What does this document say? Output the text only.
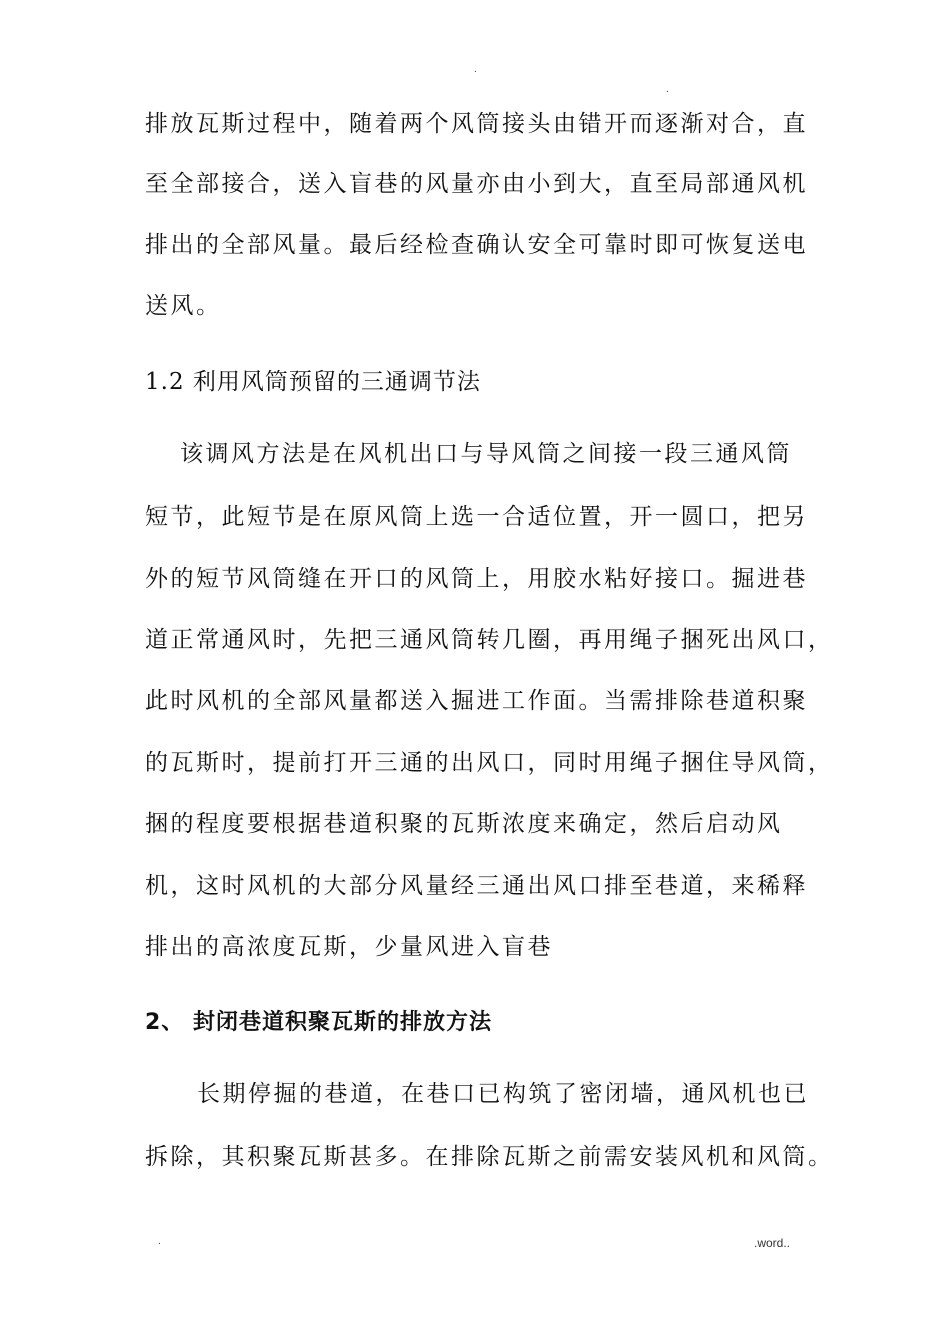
.
.
排放瓦斯过程中，随着两个风筒接头由错开而逐渐对合，直
至全部接合，送入盲巷的风量亦由小到大，直至局部通风机
排出的全部风量。最后经检查确认安全可靠时即可恢复送电
送风。
1.2 利用风筒预留的三通调节法
该调风方法是在风机出口与导风筒之间接一段三通风筒
短节，此短节是在原风筒上选一合适位置，开一圆口，把另
外的短节风筒缝在开口的风筒上，用胶水粘好接口。掘进巷
道正常通风时，先把三通风筒转几圈，再用绳子捆死出风口，
此时风机的全部风量都送入掘进工作面。当需排除巷道积聚
的瓦斯时，提前打开三通的出风口，同时用绳子捆住导风筒，
捆的程度要根据巷道积聚的瓦斯浓度来确定，然后启动风
机，这时风机的大部分风量经三通出风口排至巷道，来稀释
排出的高浓度瓦斯，少量风进入盲巷
2、 封闭巷道积聚瓦斯的排放方法
长期停掘的巷道，在巷口已构筑了密闭墙，通风机也已
拆除，其积聚瓦斯甚多。在排除瓦斯之前需安装风机和风筒。
.	.word..
